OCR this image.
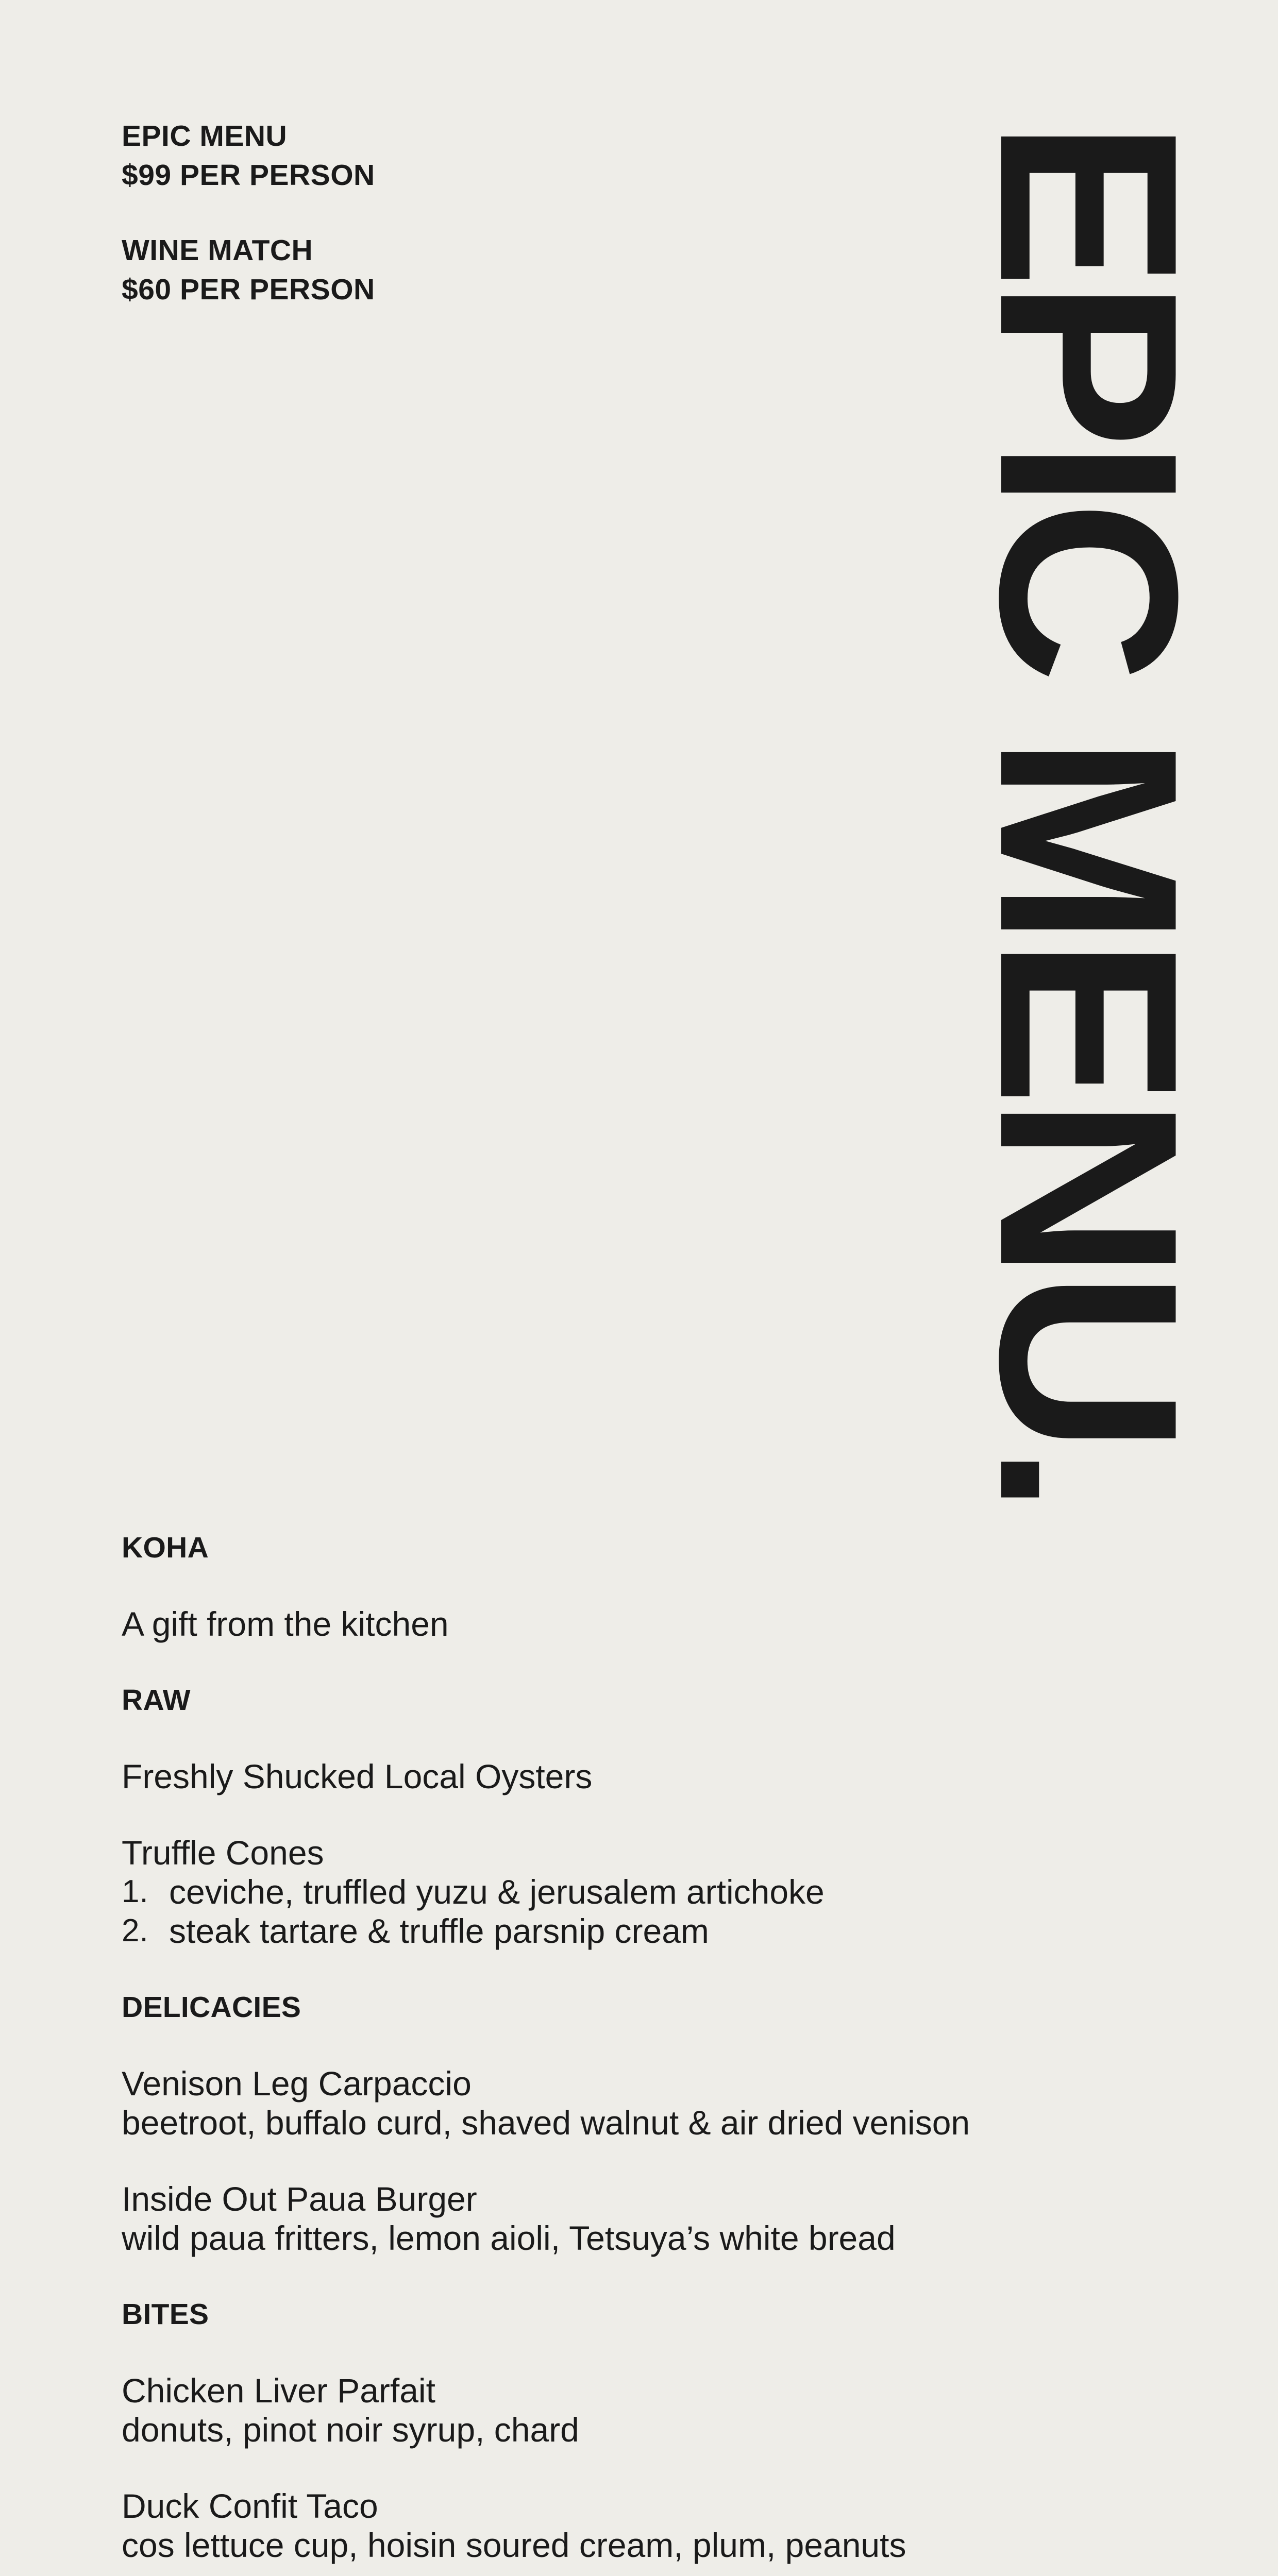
EPIC MENU
$99 PER PERSON
WINE MATCH
$60 PER PERSON	EPIC MENU.
KOHA
A gift from the kitchen
RAW
Freshly Shucked Local Oysters
Truffle Cones
1. ceviche, truffled yuzu & jerusalem artichoke
2. steak tartare & truffle parsnip cream
DELICACIES
Venison Leg Carpaccio
beetroot, buffalo curd, shaved walnut & air dried venison
Inside Out Paua Burger
wild paua fritters, lemon aioli, Tetsuya’s white bread
BITES
Chicken Liver Parfait
donuts, pinot noir syrup, chard
Duck Confit Taco
cos lettuce cup, hoisin soured cream, plum, peanuts
